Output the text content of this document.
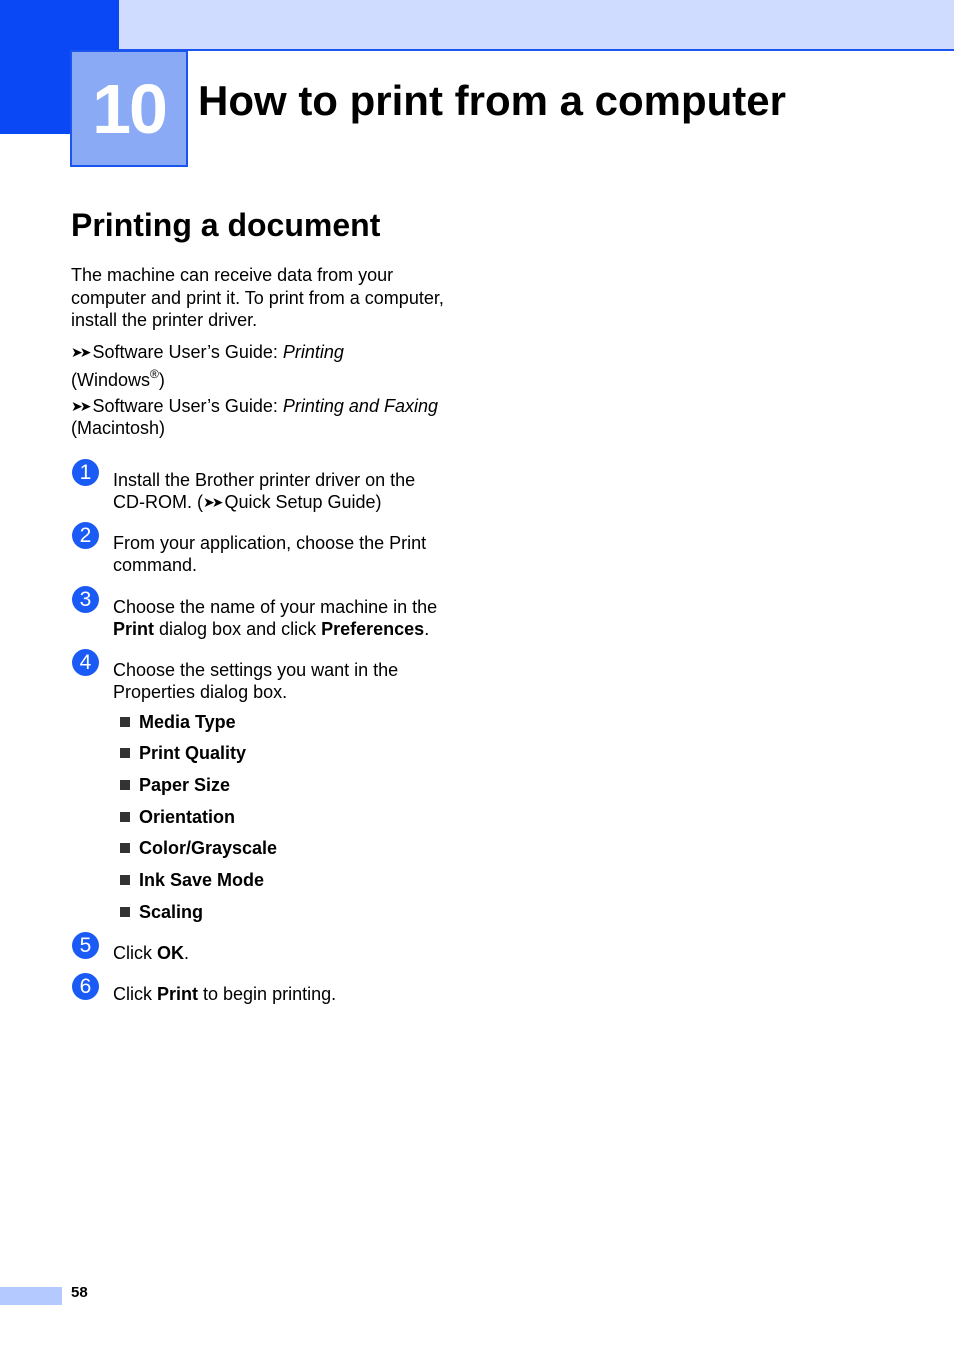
10 How to print from a computer
Printing a document

The machine can receive data from your computer and print it. To print from a computer, install the printer driver.

➤➤ Software User’s Guide: Printing
(Windows®)

➤➤ Software User’s Guide: Printing and Faxing (Macintosh)

1	Install the Brother printer driver on the CD-ROM. (➤➤ Quick Setup Guide)

2	From your application, choose the Print command.

3	Choose the name of your machine in the Print dialog box and click Preferences.

4	Choose the settings you want in the Properties dialog box.

Media Type
Print Quality
Paper Size
Orientation
Color/Grayscale
Ink Save Mode
Scaling
5	Click OK.

6	Click Print to begin printing.

58
